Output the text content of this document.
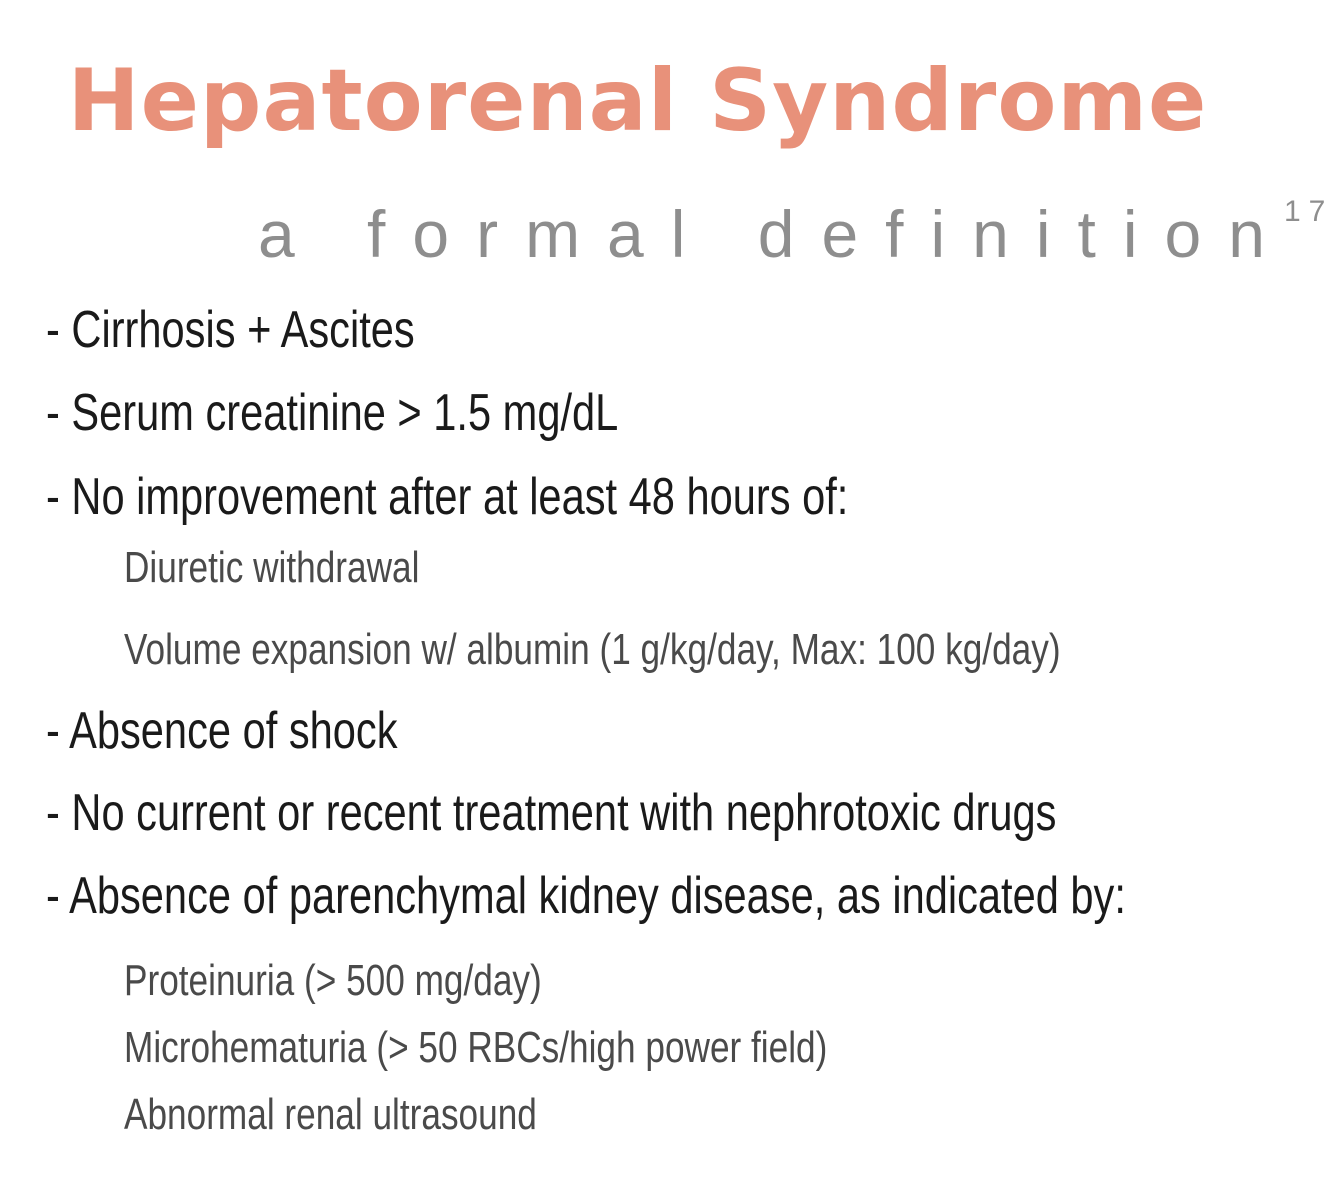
Hepatorenal Syndrome
a formal definition$^{17}$
- Cirrhosis + Ascites
- Serum creatinine > 1.5 mg/dL
- No improvement after at least 48 hours of:
Diuretic withdrawal
Volume expansion w/ albumin (1 g/kg/day, Max: 100 kg/day)
- Absence of shock
- No current or recent treatment with nephrotoxic drugs
- Absence of parenchymal kidney disease, as indicated by:
Proteinuria (> 500 mg/day)
Microhematuria (> 50 RBCs/high power field)
Abnormal renal ultrasound
